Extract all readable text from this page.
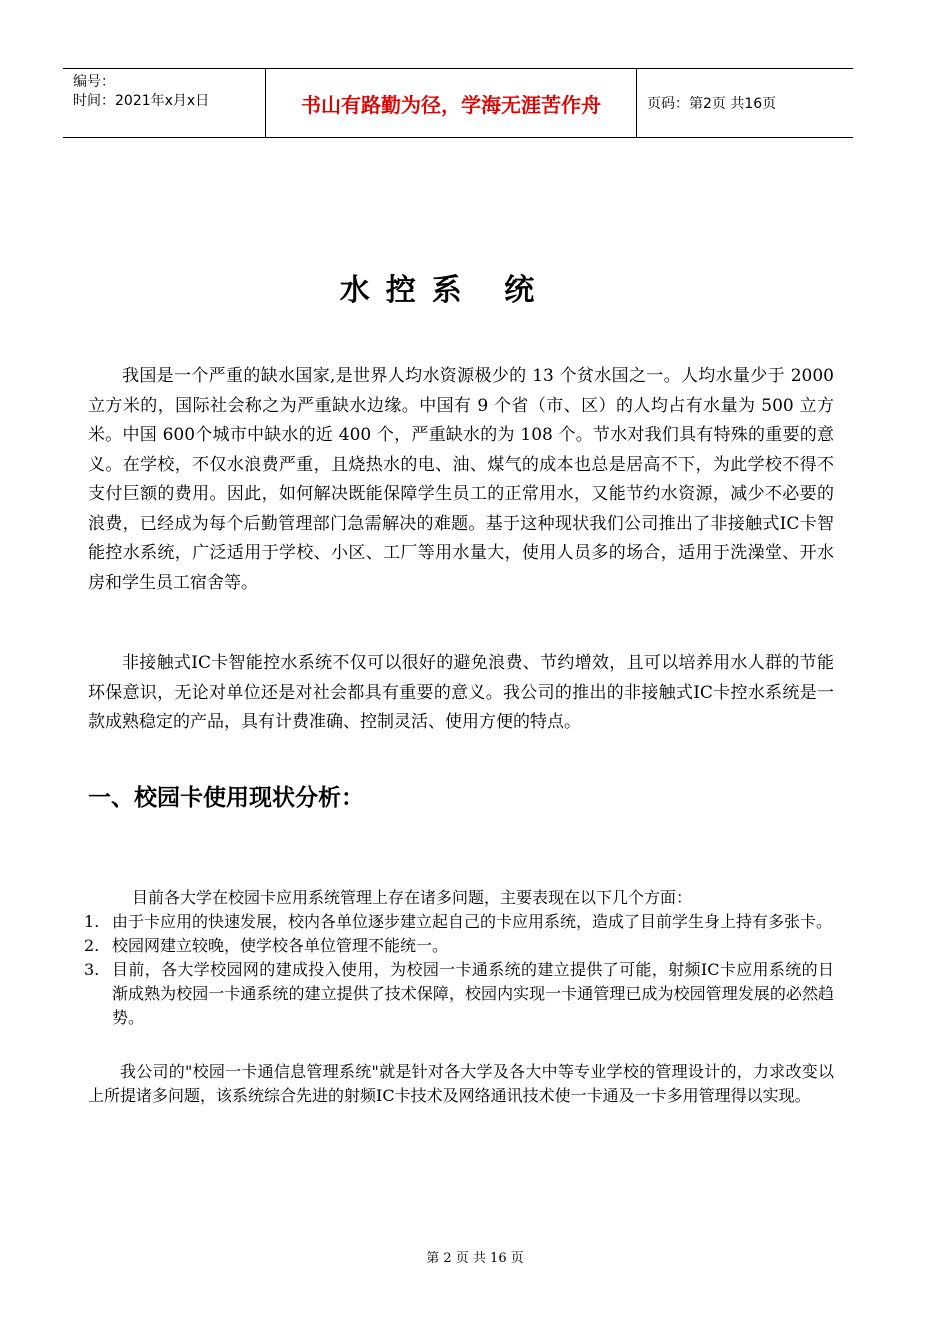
编号：
时间：2021年x月x日	书山有路勤为径，学海无涯苦作舟	页码：第2页 共16页
水控系 统

我国是一个严重的缺水国家,是世界人均水资源极少的 13 个贫水国之一。人均水量少于 2000 立方米的，国际社会称之为严重缺水边缘。中国有 9 个省（市、区）的人均占有水量为 500 立方米。中国 600个城市中缺水的近 400 个，严重缺水的为 108 个。节水对我们具有特殊的重要的意义。在学校，不仅水浪费严重，且烧热水的电、油、煤气的成本也总是居高不下，为此学校不得不支付巨额的费用。因此，如何解决既能保障学生员工的正常用水，又能节约水资源，减少不必要的浪费，已经成为每个后勤管理部门急需解决的难题。基于这种现状我们公司推出了非接触式IC卡智能控水系统，广泛适用于学校、小区、工厂等用水量大，使用人员多的场合，适用于洗澡堂、开水房和学生员工宿舍等。

非接触式IC卡智能控水系统不仅可以很好的避免浪费、节约增效，且可以培养用水人群的节能环保意识，无论对单位还是对社会都具有重要的意义。我公司的推出的非接触式IC卡控水系统是一款成熟稳定的产品，具有计费准确、控制灵活、使用方便的特点。

一、校园卡使用现状分析：
目前各大学在校园卡应用系统管理上存在诸多问题，主要表现在以下几个方面：
1. 由于卡应用的快速发展，校内各单位逐步建立起自己的卡应用系统，造成了目前学生身上持有多张卡。
2. 校园网建立较晚，使学校各单位管理不能统一。
3. 目前，各大学校园网的建成投入使用，为校园一卡通系统的建立提供了可能，射频IC卡应用系统的日渐成熟为校园一卡通系统的建立提供了技术保障，校园内实现一卡通管理已成为校园管理发展的必然趋势。

我公司的"校园一卡通信息管理系统"就是针对各大学及各大中等专业学校的管理设计的，力求改变以上所提诸多问题，该系统综合先进的射频IC卡技术及网络通讯技术使一卡通及一卡多用管理得以实现。

第 2 页 共 16 页
